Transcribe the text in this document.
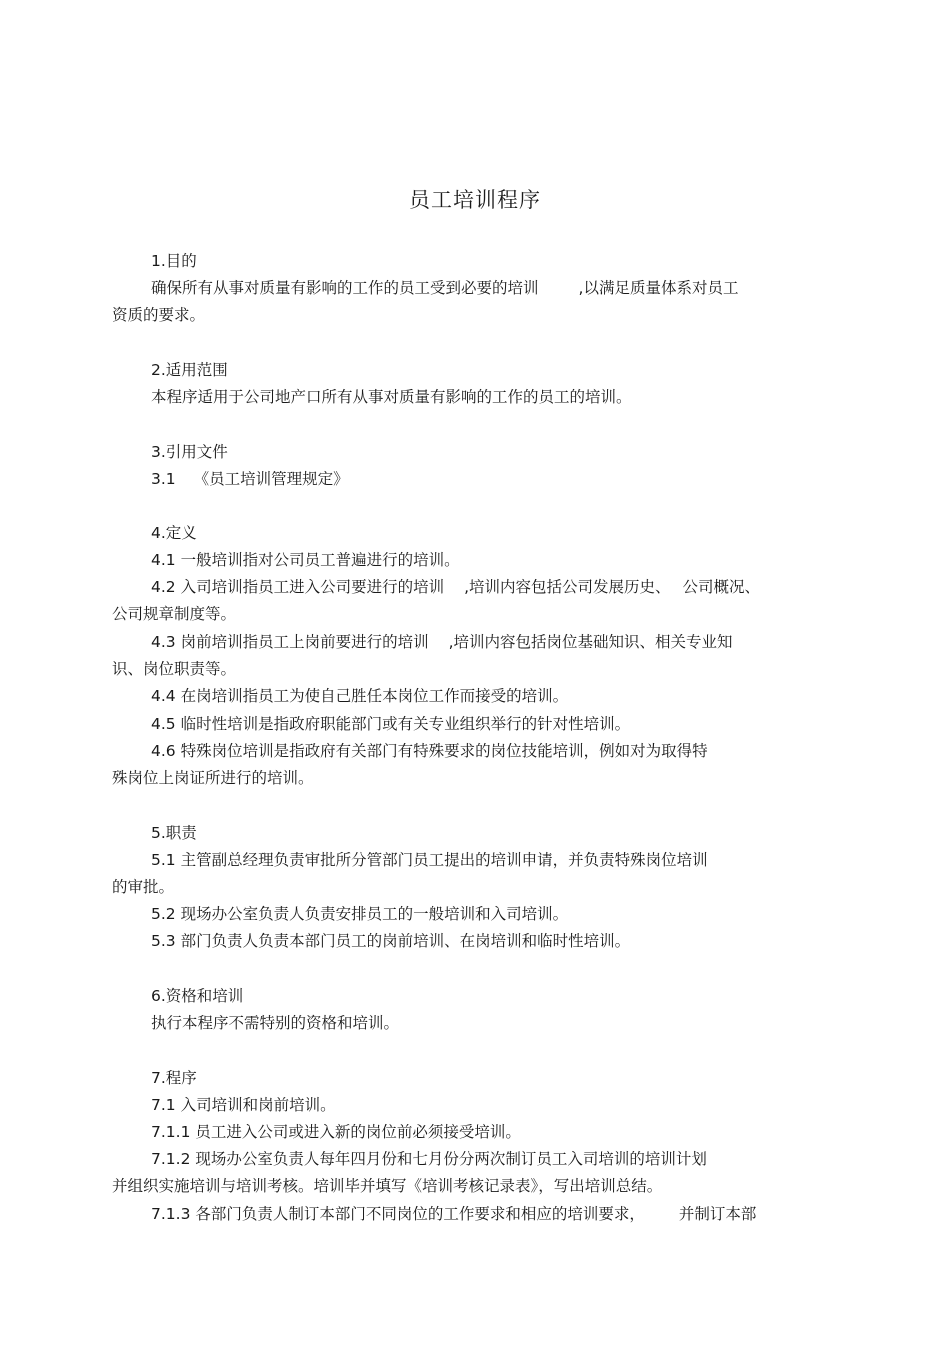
员工培训程序
1.目的
确保所有从事对质量有影响的工作的员工受到必要的培训	,以满足质量体系对员工
资质的要求。
2.适用范围
本程序适用于公司地产口所有从事对质量有影响的工作的员工的培训。
3.引用文件
3.1 《员工培训管理规定》
4.定义
4.1 一般培训指对公司员工普遍进行的培训。
4.2 入司培训指员工进入公司要进行的培训 ,培训内容包括公司发展历史、 公司概况、
公司规章制度等。
4.3 岗前培训指员工上岗前要进行的培训 ,培训内容包括岗位基础知识、相关专业知
识、岗位职责等。
4.4 在岗培训指员工为使自己胜任本岗位工作而接受的培训。
4.5 临时性培训是指政府职能部门或有关专业组织举行的针对性培训。
4.6 特殊岗位培训是指政府有关部门有特殊要求的岗位技能培训，例如对为取得特
殊岗位上岗证所进行的培训。
5.职责
5.1 主管副总经理负责审批所分管部门员工提出的培训申请，并负责特殊岗位培训
的审批。
5.2 现场办公室负责人负责安排员工的一般培训和入司培训。
5.3 部门负责人负责本部门员工的岗前培训、在岗培训和临时性培训。
6.资格和培训
执行本程序不需特别的资格和培训。
7.程序
7.1 入司培训和岗前培训。
7.1.1 员工进入公司或进入新的岗位前必须接受培训。
7.1.2 现场办公室负责人每年四月份和七月份分两次制订员工入司培训的培训计划
并组织实施培训与培训考核。培训毕并填写《培训考核记录表》，写出培训总结。
7.1.3 各部门负责人制订本部门不同岗位的工作要求和相应的培训要求， 并制订本部
